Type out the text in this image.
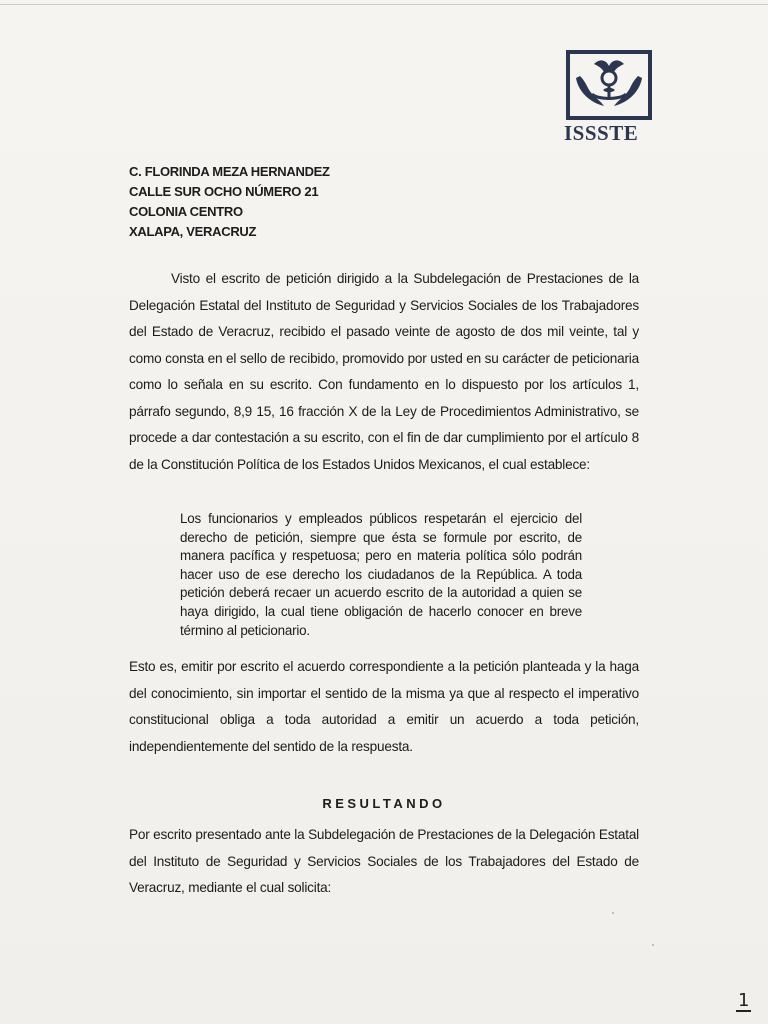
ISSSTE
C. FLORINDA MEZA HERNANDEZ
CALLE SUR OCHO NÚMERO 21
COLONIA CENTRO
XALAPA, VERACRUZ
Visto el escrito de petición dirigido a la Subdelegación de Prestaciones de la Delegación Estatal del Instituto de Seguridad y Servicios Sociales de los Trabajadores del Estado de Veracruz, recibido el pasado veinte de agosto de dos mil veinte, tal y como consta en el sello de recibido, promovido por usted en su carácter de peticionaria como lo señala en su escrito. Con fundamento en lo dispuesto por los artículos 1, párrafo segundo, 8,9 15, 16 fracción X de la Ley de Procedimientos Administrativo, se procede a dar contestación a su escrito, con el fin de dar cumplimiento por el artículo 8 de la Constitución Política de los Estados Unidos Mexicanos, el cual establece:
Los funcionarios y empleados públicos respetarán el ejercicio del derecho de petición, siempre que ésta se formule por escrito, de manera pacífica y respetuosa; pero en materia política sólo podrán hacer uso de ese derecho los ciudadanos de la República. A toda petición deberá recaer un acuerdo escrito de la autoridad a quien se haya dirigido, la cual tiene obligación de hacerlo conocer en breve término al peticionario.
Esto es, emitir por escrito el acuerdo correspondiente a la petición planteada y la haga del conocimiento, sin importar el sentido de la misma ya que al respecto el imperativo constitucional obliga a toda autoridad a emitir un acuerdo a toda petición, independientemente del sentido de la respuesta.
RESULTANDO
Por escrito presentado ante la Subdelegación de Prestaciones de la Delegación Estatal del Instituto de Seguridad y Servicios Sociales de los Trabajadores del Estado de Veracruz, mediante el cual solicita:
1
